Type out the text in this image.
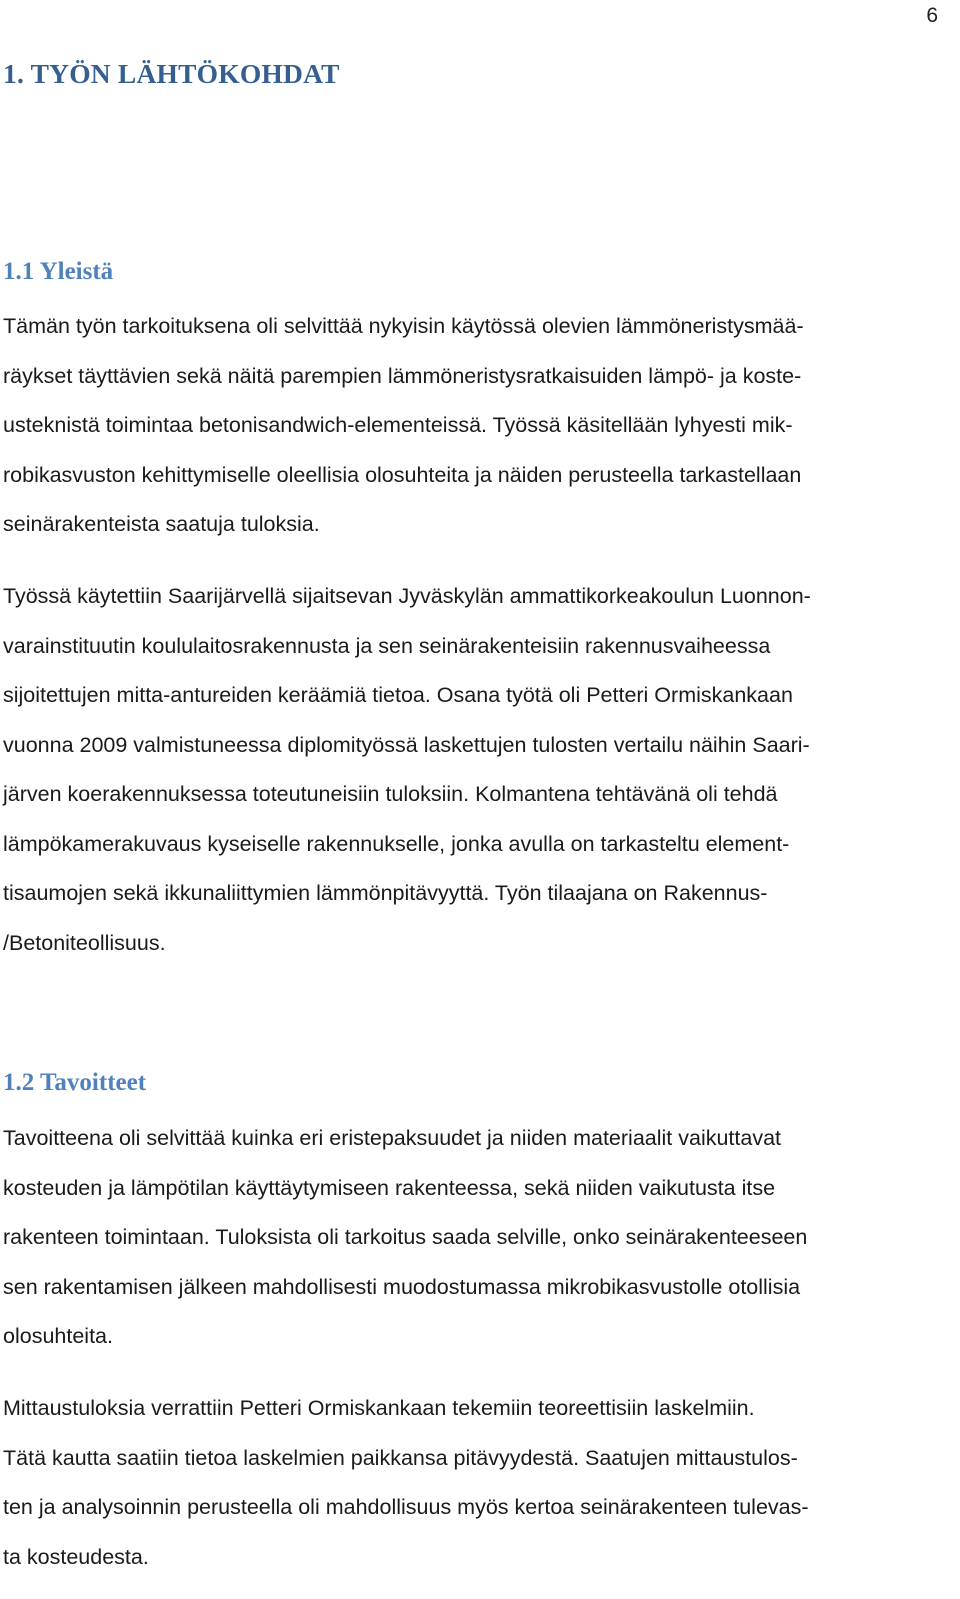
6
1. TYÖN LÄHTÖKOHDAT
1.1 Yleistä
Tämän työn tarkoituksena oli selvittää nykyisin käytössä olevien lämmöneristysmää-
räykset täyttävien sekä näitä parempien lämmöneristysratkaisuiden lämpö- ja koste-
usteknistä toimintaa betonisandwich-elementeissä. Työssä käsitellään lyhyesti mik-
robikasvuston kehittymiselle oleellisia olosuhteita ja näiden perusteella tarkastellaan
seinärakenteista saatuja tuloksia.
Työssä käytettiin Saarijärvellä sijaitsevan Jyväskylän ammattikorkeakoulun Luonnon-
varainstituutin koululaitosrakennusta ja sen seinärakenteisiin rakennusvaiheessa
sijoitettujen mitta-antureiden keräämiä tietoa. Osana työtä oli Petteri Ormiskankaan
vuonna 2009 valmistuneessa diplomityössä laskettujen tulosten vertailu näihin Saari-
järven koerakennuksessa toteutuneisiin tuloksiin. Kolmantena tehtävänä oli tehdä
lämpökamerakuvaus kyseiselle rakennukselle, jonka avulla on tarkasteltu element-
tisaumojen sekä ikkunaliittymien lämmönpitävyyttä. Työn tilaajana on Rakennus-
/Betoniteollisuus.
1.2 Tavoitteet
Tavoitteena oli selvittää kuinka eri eristepaksuudet ja niiden materiaalit vaikuttavat
kosteuden ja lämpötilan käyttäytymiseen rakenteessa, sekä niiden vaikutusta itse
rakenteen toimintaan. Tuloksista oli tarkoitus saada selville, onko seinärakenteeseen
sen rakentamisen jälkeen mahdollisesti muodostumassa mikrobikasvustolle otollisia
olosuhteita.
Mittaustuloksia verrattiin Petteri Ormiskankaan tekemiin teoreettisiin laskelmiin.
Tätä kautta saatiin tietoa laskelmien paikkansa pitävyydestä. Saatujen mittaustulos-
ten ja analysoinnin perusteella oli mahdollisuus myös kertoa seinärakenteen tulevas-
ta kosteudesta.
